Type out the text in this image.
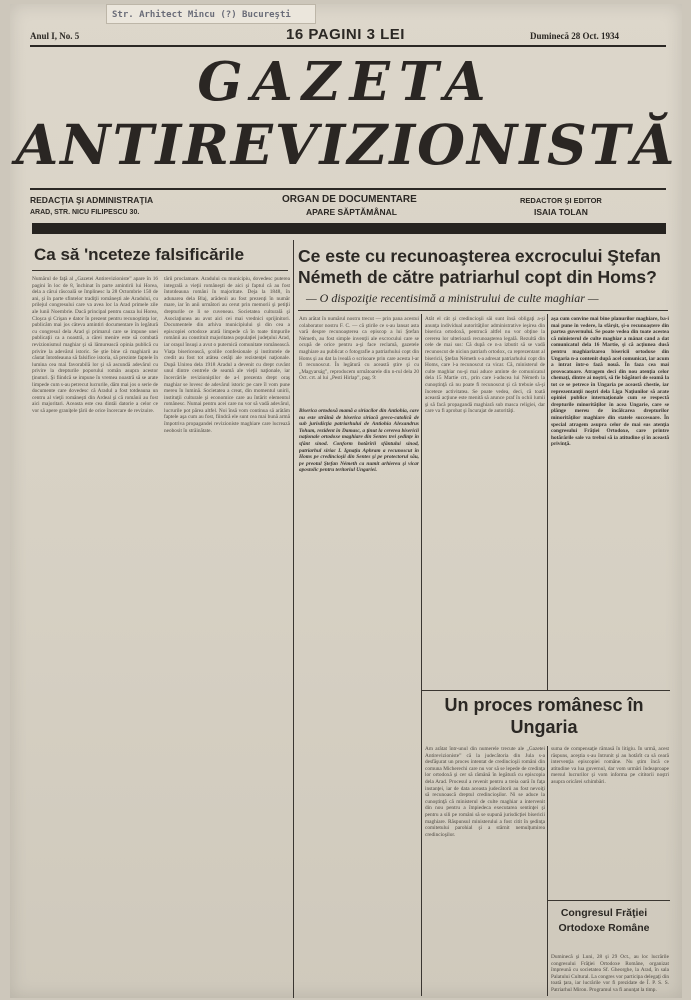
Str. Arhitect Mincu (?) Bucureşti
Anul I, No. 5	16 PAGINI 3 LEI	Duminecă 28 Oct. 1934
GAZETA
ANTIREVIZIONISTĂ
REDACŢIA ŞI ADMINISTRAŢIA
ARAD, STR. NICU FILIPESCU 30.
ORGAN DE DOCUMENTARE
APARE SĂPTĂMÂNAL
REDACTOR ŞI EDITOR
ISAIA TOLAN
Ca să 'nceteze falsificările
Numărul de faţă al „Gazetei Antirevizioniste” apare în 16 pagini în loc de 8, închinat în parte amintirii lui Horea, dela a cărui răscoală se împlinesc la 28 Octombrie 150 de ani, şi în parte sfintelor tradiţii româneşti ale Aradului, cu prilejul congresului care va avea loc la Arad primele zile ale lunii Noembrie. Dacă principal pentru cauza lui Horea, Cloşca şi Crişan e dator în prezent pentru recunoştinţa lor, publicăm mai jos câteva amintiri documentare în legătură cu congresul dela Arad şi primarul care se impune unei publicaţii ca a noastră, a cărei menire este să combată revizionismul maghiar şi să lămurească opinia publică cu privire la adevărul istoric. Se ştie bine că maghiarii au căutat întotdeauna să falsifice istoria, să prezinte faptele în lumina cea mai favorabilă lor şi să ascundă adevărul cu privire la drepturile poporului român asupra acestor ţinuturi. Şi fiindcă se impune în vremea noastră să se arate limpede cum s-au petrecut lucrurile, dăm mai jos o serie de documente care dovedesc că Aradul a fost totdeauna un centru al vieţii româneşti din Ardeal şi că românii au fost aici majoritari. Aceasta este cea dintâi datorie a celor ce vor să apere graniţele ţării de orice încercare de revizuire.
tării proclamare. Aradului cu municipiu, dovedesc puterea integrală a vieţii româneşti de aici şi faptul că au fost întotdeauna români în majoritate. Deja la 1848, în adunarea dela Blaj, arădenii au fost prezenţi în număr mare, iar în anii următori au cerut prin memorii şi petiţii drepturile ce li se cuveneau. Societatea culturală şi Asociaţiunea au avut aici cei mai vrednici sprijinitori. Documentele din arhiva municipiului şi din cea a episcopiei ortodoxe arată limpede că în toate timpurile românii au constituit majoritatea populaţiei judeţului Arad, iar oraşul însuşi a avut o puternică comunitate românească. Viaţa bisericească, şcolile confesionale şi institutele de credit au fost tot atâtea cetăţi ale rezistenţei naţionale. După Unirea dela 1918 Aradul a devenit cu drept cuvânt unul dintre centrele de seamă ale vieţii naţionale, iar încercările revizioniştilor de a-l prezenta drept oraş maghiar se lovesc de adevărul istoric pe care îl vom pune mereu în lumină. Societatea a creat, din momentul unirii, instituţii culturale şi economice care au întărit elementul românesc. Numai pentru acei care nu vor să vadă adevărul, lucrurile pot părea altfel. Noi însă vom continua să arătăm faptele aşa cum au fost, fiindcă ele sunt cea mai bună armă împotriva propagandei revizioniste maghiare care lucrează neobosit în străinătate.
Ce este cu recunoaşterea excrocului Ştefan
Németh de către patriarhul copt din Homs?
— O dispoziţie recentisimă a ministrului de culte maghiar —
Am arătat în numărul nostru trecut — prin pana acestui colaborator nostru F. C. — că ştirile ce s-au lansat asta vară despre recunoaşterea ca episcop a lui Ştefan Németh, au fost simple invenţii ale excrocului care se ocupă de orice pentru a-şi face reclamă, gazetele maghiare au publicat o fotografie a patriarhului copt din Homs şi au dat la iveală o scrisoare prin care acesta l-ar fi recunoscut. În legătură cu această ştire şi cu „Magyarság”, reproducem următoarele din n-rul dela 20 Oct. crt. al lui „Pesti Hirlap”, pag. 9:
Biserica ortodoxă mamă a siriacilor din Antiohia, care nu este străină de biserica siriacă greco-catolică de sub jurisdicţia patriarhului de Antiohia Alexandrus Tohum, rezident în Damasc, a ţinut la cererea bisericii naţionale ortodoxe maghiare din Sentes trei şedinţe în sfânt sinod. Conform hotărîrii sfântului sinod, patriarhul siriac I. Ignaţiu Aphram a recunoscut în Homs pe credincioşii din Sentes şi pe protectorul său, pe preotul Ştefan Németh ca numit arhiereu şi vicar apostolic pentru teritoriul Ungariei.
Atât el cât şi credincioşii săi sunt însă obligaţi a-şi anunţa individual autorităţilor administrative ieşirea din biserica ortodoxă, pentrucă altfel nu vor obţine la cererea lor ulterioară recunoaşterea legală. Rezultă din cele de mai sus: Că după ce n-a izbutit să se vadă recunoscut de niciun patriarh ortodox, ca reprezentant al bisericii, Ştefan Németh s-a adresat patriarhului copt din Homs, care l-a recunoscut ca vicar. Că, ministerul de culte maghiar nu-şi mai aduce aminte de comunicatul dela 15 Martie crt., prin care i-aducea lui Németh la cunoştinţă că nu poate fi recunoscut şi că trebuie să-şi înceteze activitatea. Se poate vedea, deci, că toată această acţiune este menită să arunce praf în ochii lumii şi să facă propagandă maghiară sub masca religiei, dar care va fi aprobat şi încurajat de autorităţi.
aşa cum convine mai bine planurilor maghiare, ba-i mai pune în vedere, la sfârşit, şi-o recunoaştere din partea guvernului. Se poate vedea din toate acestea că ministerul de culte maghiar a mânat cand a dat comunicatul dela 16 Martie, şi că acţiunea dusă pentru maghiarizarea bisericii ortodoxe din Ungaria n-a contenit după acel comunicat, iar acum a intrat într-o fază nouă. În faza cea mai provocatoare. Atragem deci din nou atenţia celor chemaţi, dintre ai noştri, să fie băgători de seamă la tot ce se petrece în Ungaria pe această chestie, iar reprezentanţii noştri dela Liga Naţiunilor să arate opiniei publice internaţionale cum se respectă drepturile minorităţilor în acea Ungarie, care se plânge mereu de încălcarea drepturilor minorităţilor maghiare din statele succesoare. În special atragem asupra celor de mai sus atenţia congresului Frăţiei Ortodoxe, care printre hotărârile sale va trebui să ia atitudine şi în această privinţă.
Un proces românesc în Ungaria
Am arătat într-unul din numerele trecute ale „Gazetei Antirevizioniste” că la judecătoria din Jula s-a desfăşurat un proces intentat de credincioşii români din comuna Micherechi care nu vor să se lepede de credinţa lor ortodoxă şi cer să rămână în legătură cu episcopia dela Arad. Procesul a revenit pentru a treia oară în faţa instanţei, iar de data aceasta judecătorii au fost nevoiţi să recunoască dreptul credincioşilor. Ni se aduce la cunoştinţă că ministerul de culte maghiar a intervenit din nou pentru a împiedeca executarea sentinţei şi pentru a sili pe români să se supună jurisdicţiei bisericii maghiare. Răspunsul ministerului a fost citit în şedinţa comitetului parohial şi a stârnit nemulţumirea credincioşilor.
suma de compensaţie rămasă în litigiu. În urmă, acest răspuns, aceştia s-au întrunit şi au hotărît ca să ceară intervenţia episcopiei române. Nu ştim încă ce atitudine va lua guvernul, dar vom urmări îndeaproape mersul lucrurilor şi vom informa pe cititorii noştri asupra oricărei schimbări.
Congresul Frăţiei Ortodoxe Române
Duminecă şi Luni, 28 şi 29 Oct., au loc lucrările congresului Frăţiei Ortodoxe Române, organizat împreună cu societatea Sf. Gheorghe, la Arad, în sala Palatului Cultural. La congres vor participa delegaţi din toată ţara, iar lucrările vor fi prezidate de Î. P. S. S. Patriarhul Miron. Programul va fi anunţat la timp.
